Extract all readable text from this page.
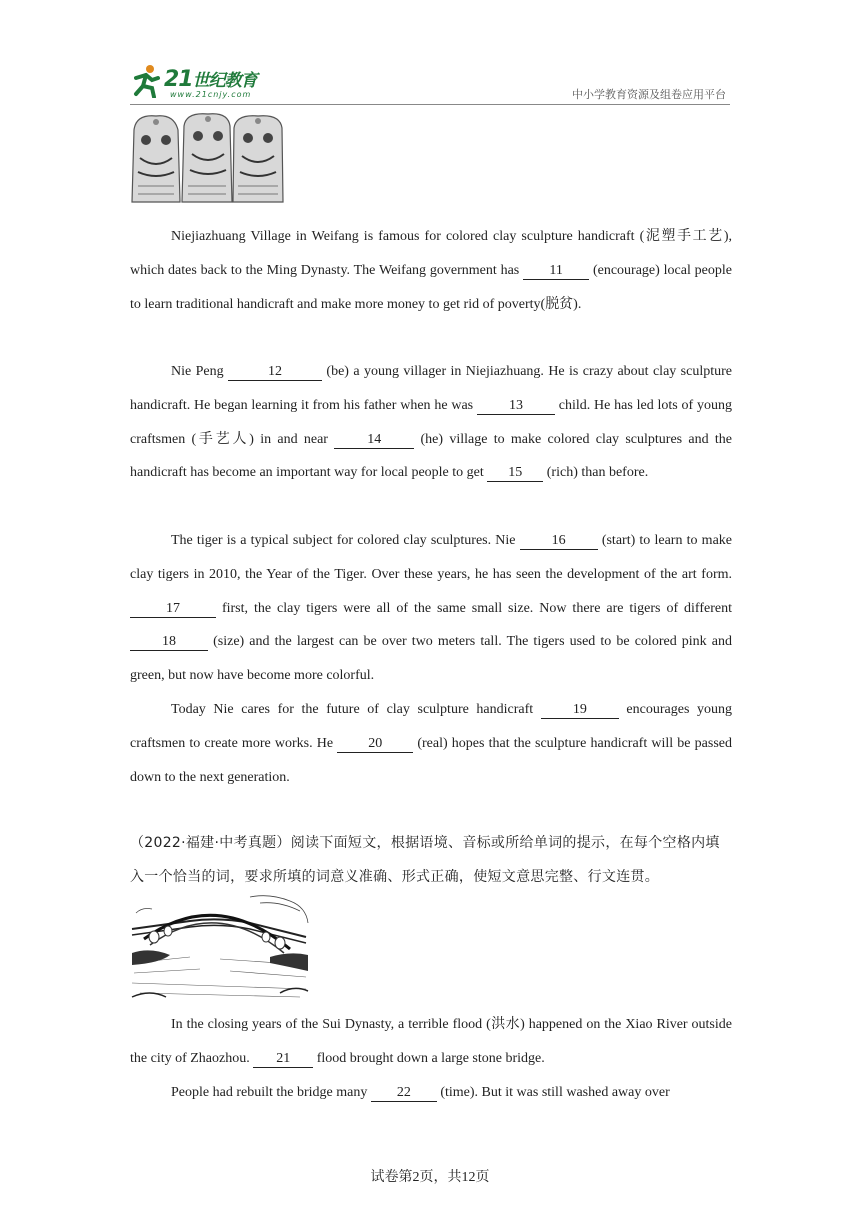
21世纪教育
www.21cnjy.com	中小学教育资源及组卷应用平台
Niejiazhuang Village in Weifang is famous for colored clay sculpture handicraft (泥塑手工艺), which dates back to the Ming Dynasty. The Weifang government has 11 (encourage) local people to learn traditional handicraft and make more money to get rid of poverty(脱贫).
Nie Peng	12	(be) a young villager in Niejiazhuang. He is crazy about clay sculpture handicraft. He began learning it from his father when he was 13 child. He has led lots of young craftsmen (手艺人) in and near 14 (he) village to make colored clay sculptures and the handicraft has become an important way for local people to get 15 (rich) than before.
The tiger is a typical subject for colored clay sculptures. Nie 16 (start) to learn to make clay tigers in 2010, the Year of the Tiger. Over these years, he has seen the development of the art form. 17	first, the clay tigers were all of the same small size. Now there are tigers of different 18 (size) and the largest can be over two meters tall. The tigers used to be colored pink and green, but now have become more colorful.
Today Nie cares for the future of clay sculpture handicraft 19 encourages young craftsmen to create more works. He 20 (real) hopes that the sculpture handicraft will be passed down to the next generation.
（2022·福建·中考真题）阅读下面短文，根据语境、音标或所给单词的提示，在每个空格内填入一个恰当的词，要求所填的词意义准确、形式正确，使短文意思完整、行文连贯。
In the closing years of the Sui Dynasty, a terrible flood (洪水) happened on the Xiao River outside the city of Zhaozhou. 21 flood brought down a large stone bridge.
People had rebuilt the bridge many 22 (time). But it was still washed away over
试卷第2页，共12页
